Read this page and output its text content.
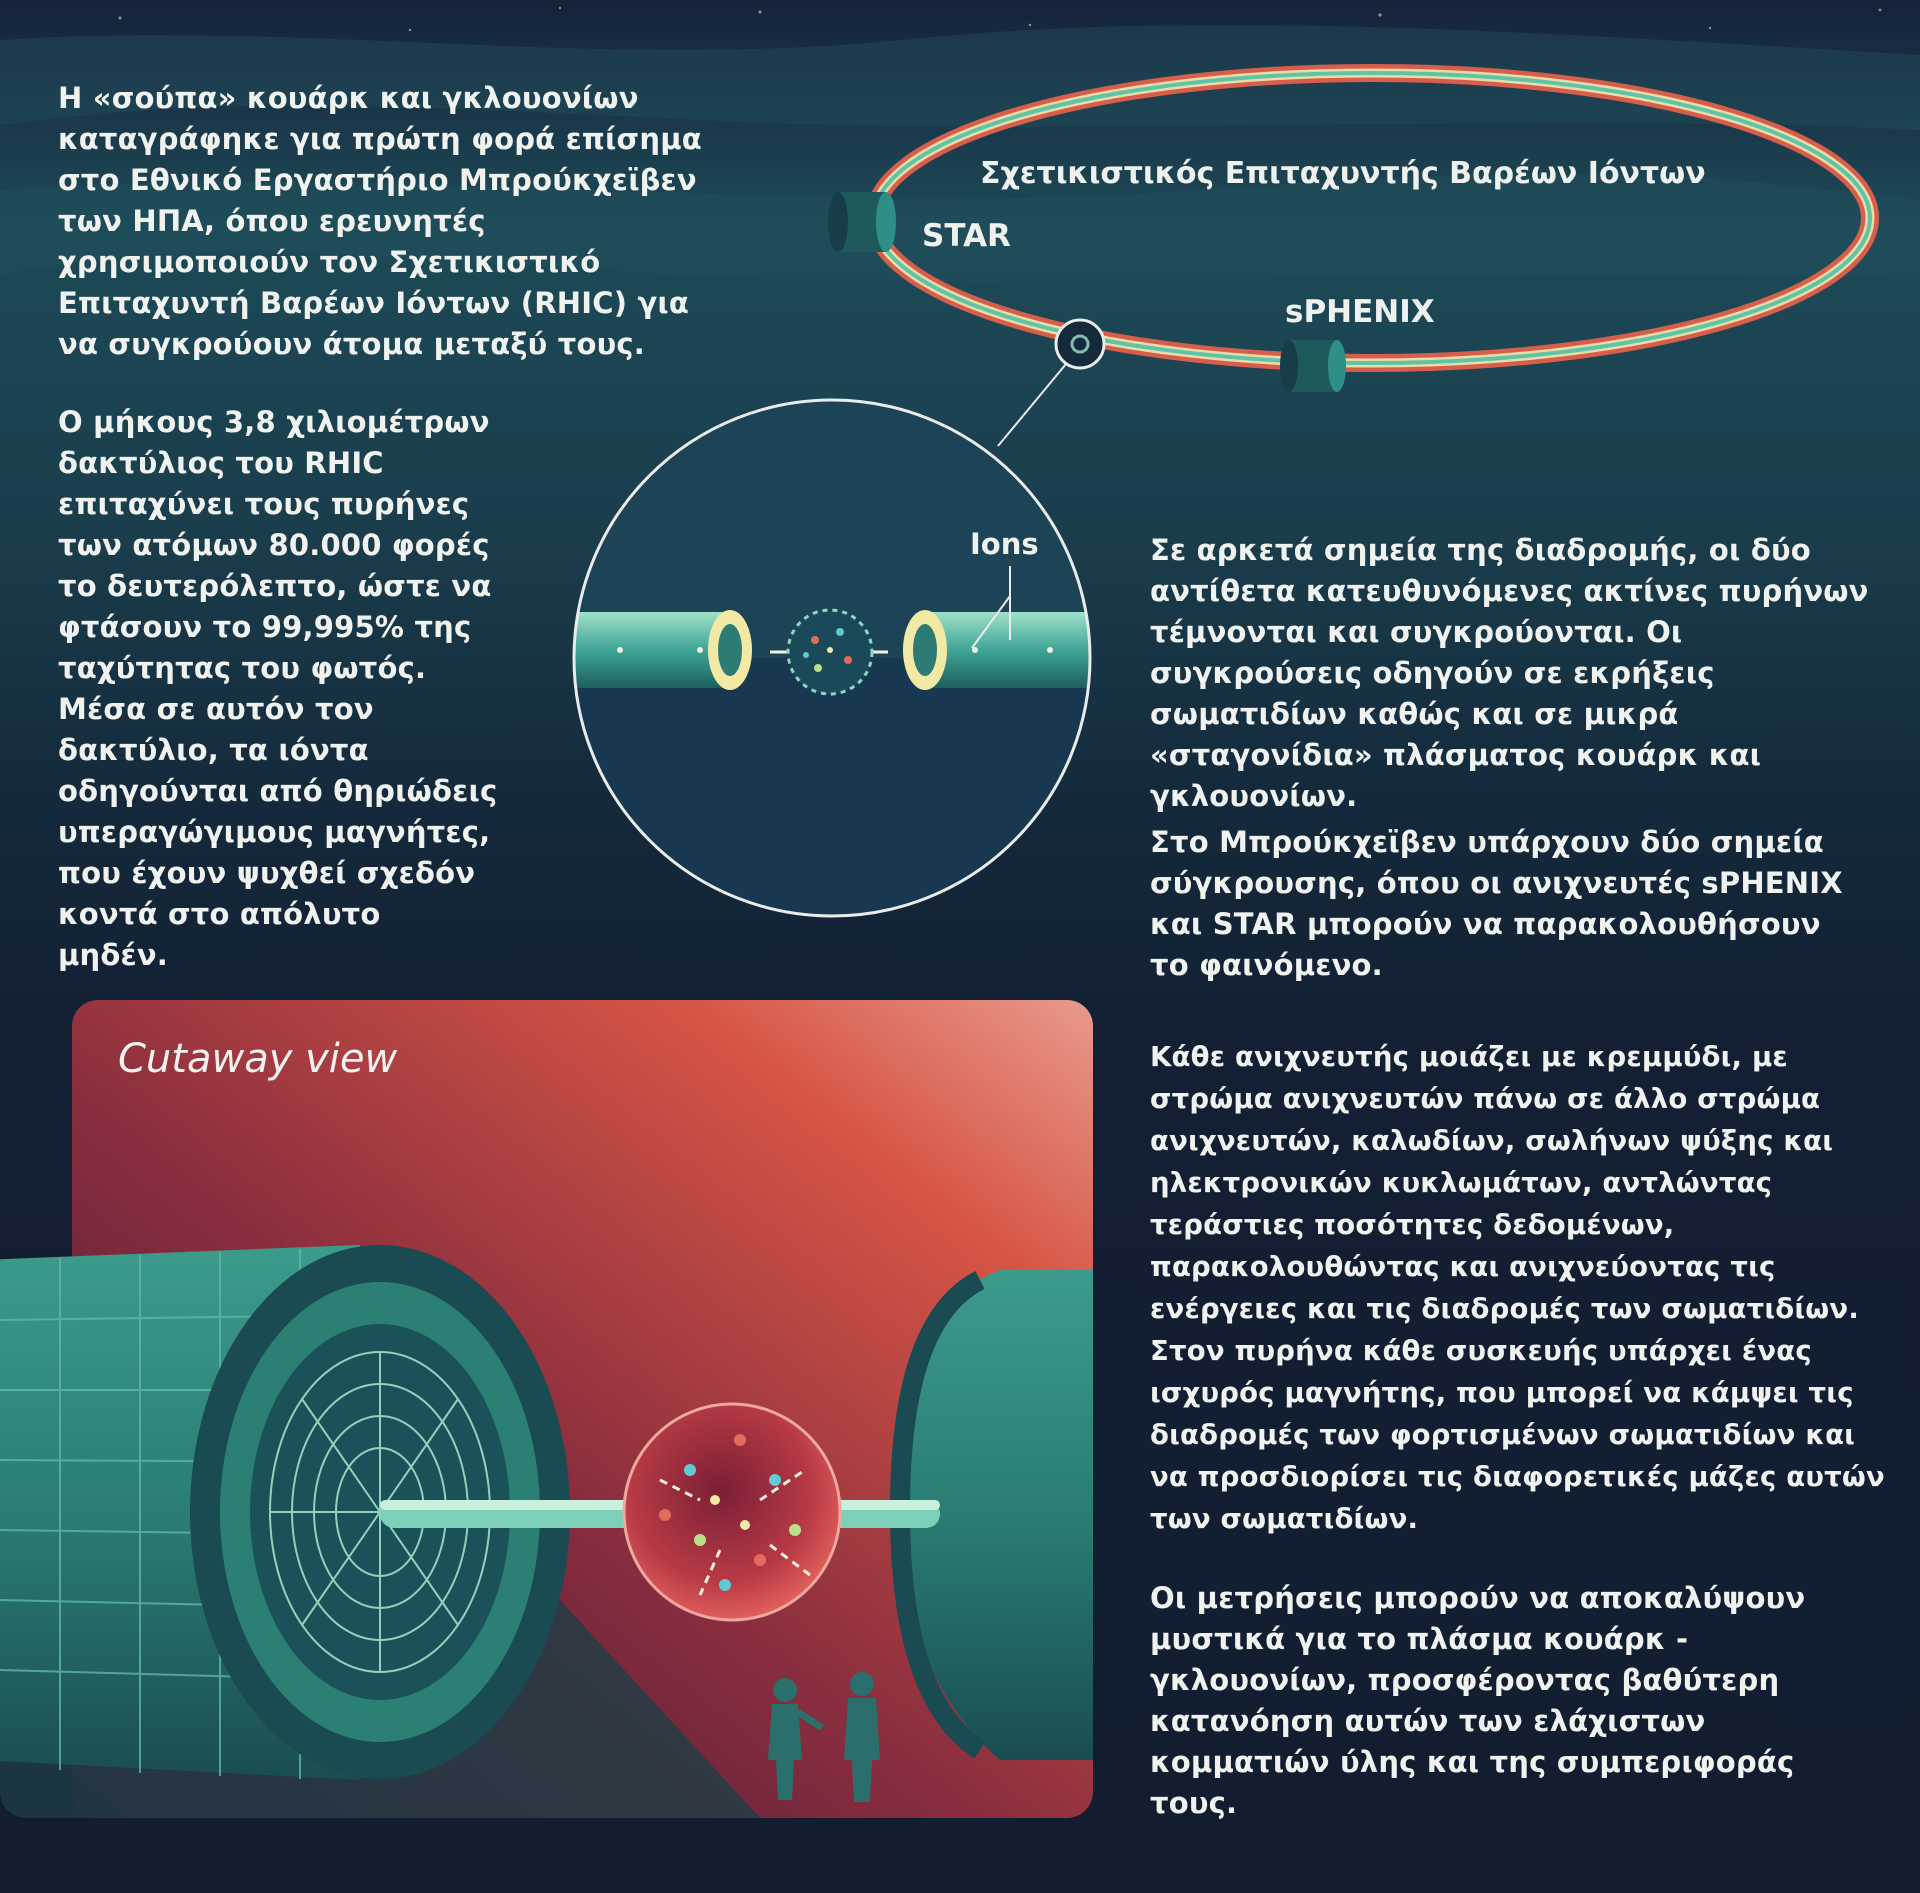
Σχετικιστικός Επιταχυντής Βαρέων Ιόντων
STAR
sPHENIX
Ions
Cutaway view

Η «σούπα» κουάρκ και γκλουονίων καταγράφηκε για πρώτη φορά επίσημα στο Εθνικό Εργαστήριο Μπρούκχεϊβεν των ΗΠΑ, όπου ερευνητές χρησιμοποιούν τον Σχετικιστικό Επιταχυντή Βαρέων Ιόντων (RHIC) για να συγκρούουν άτομα μεταξύ τους.

Ο μήκους 3,8 χιλιομέτρων δακτύλιος του RHIC επιταχύνει τους πυρήνες των ατόμων 80.000 φορές το δευτερόλεπτο, ώστε να φτάσουν το 99,995% της ταχύτητας του φωτός. Μέσα σε αυτόν τον δακτύλιο, τα ιόντα οδηγούνται από θηριώδεις υπεραγώγιμους μαγνήτες, που έχουν ψυχθεί σχεδόν κοντά στο απόλυτο μηδέν.

Σε αρκετά σημεία της διαδρομής, οι δύο αντίθετα κατευθυνόμενες ακτίνες πυρήνων τέμνονται και συγκρούονται. Οι συγκρούσεις οδηγούν σε εκρήξεις σωματιδίων καθώς και σε μικρά «σταγονίδια» πλάσματος κουάρκ και γκλουονίων.

Στο Μπρούκχεϊβεν υπάρχουν δύο σημεία σύγκρουσης, όπου οι ανιχνευτές sPHENIX και STAR μπορούν να παρακολουθήσουν το φαινόμενο.

Κάθε ανιχνευτής μοιάζει με κρεμμύδι, με στρώμα ανιχνευτών πάνω σε άλλο στρώμα ανιχνευτών, καλωδίων, σωλήνων ψύξης και ηλεκτρονικών κυκλωμάτων, αντλώντας τεράστιες ποσότητες δεδομένων, παρακολουθώντας και ανιχνεύοντας τις ενέργειες και τις διαδρομές των σωματιδίων. Στον πυρήνα κάθε συσκευής υπάρχει ένας ισχυρός μαγνήτης, που μπορεί να κάμψει τις διαδρομές των φορτισμένων σωματιδίων και να προσδιορίσει τις διαφορετικές μάζες αυτών των σωματιδίων.

Οι μετρήσεις μπορούν να αποκαλύψουν μυστικά για το πλάσμα κουάρκ - γκλουονίων, προσφέροντας βαθύτερη κατανόηση αυτών των ελάχιστων κομματιών ύλης και της συμπεριφοράς τους.
